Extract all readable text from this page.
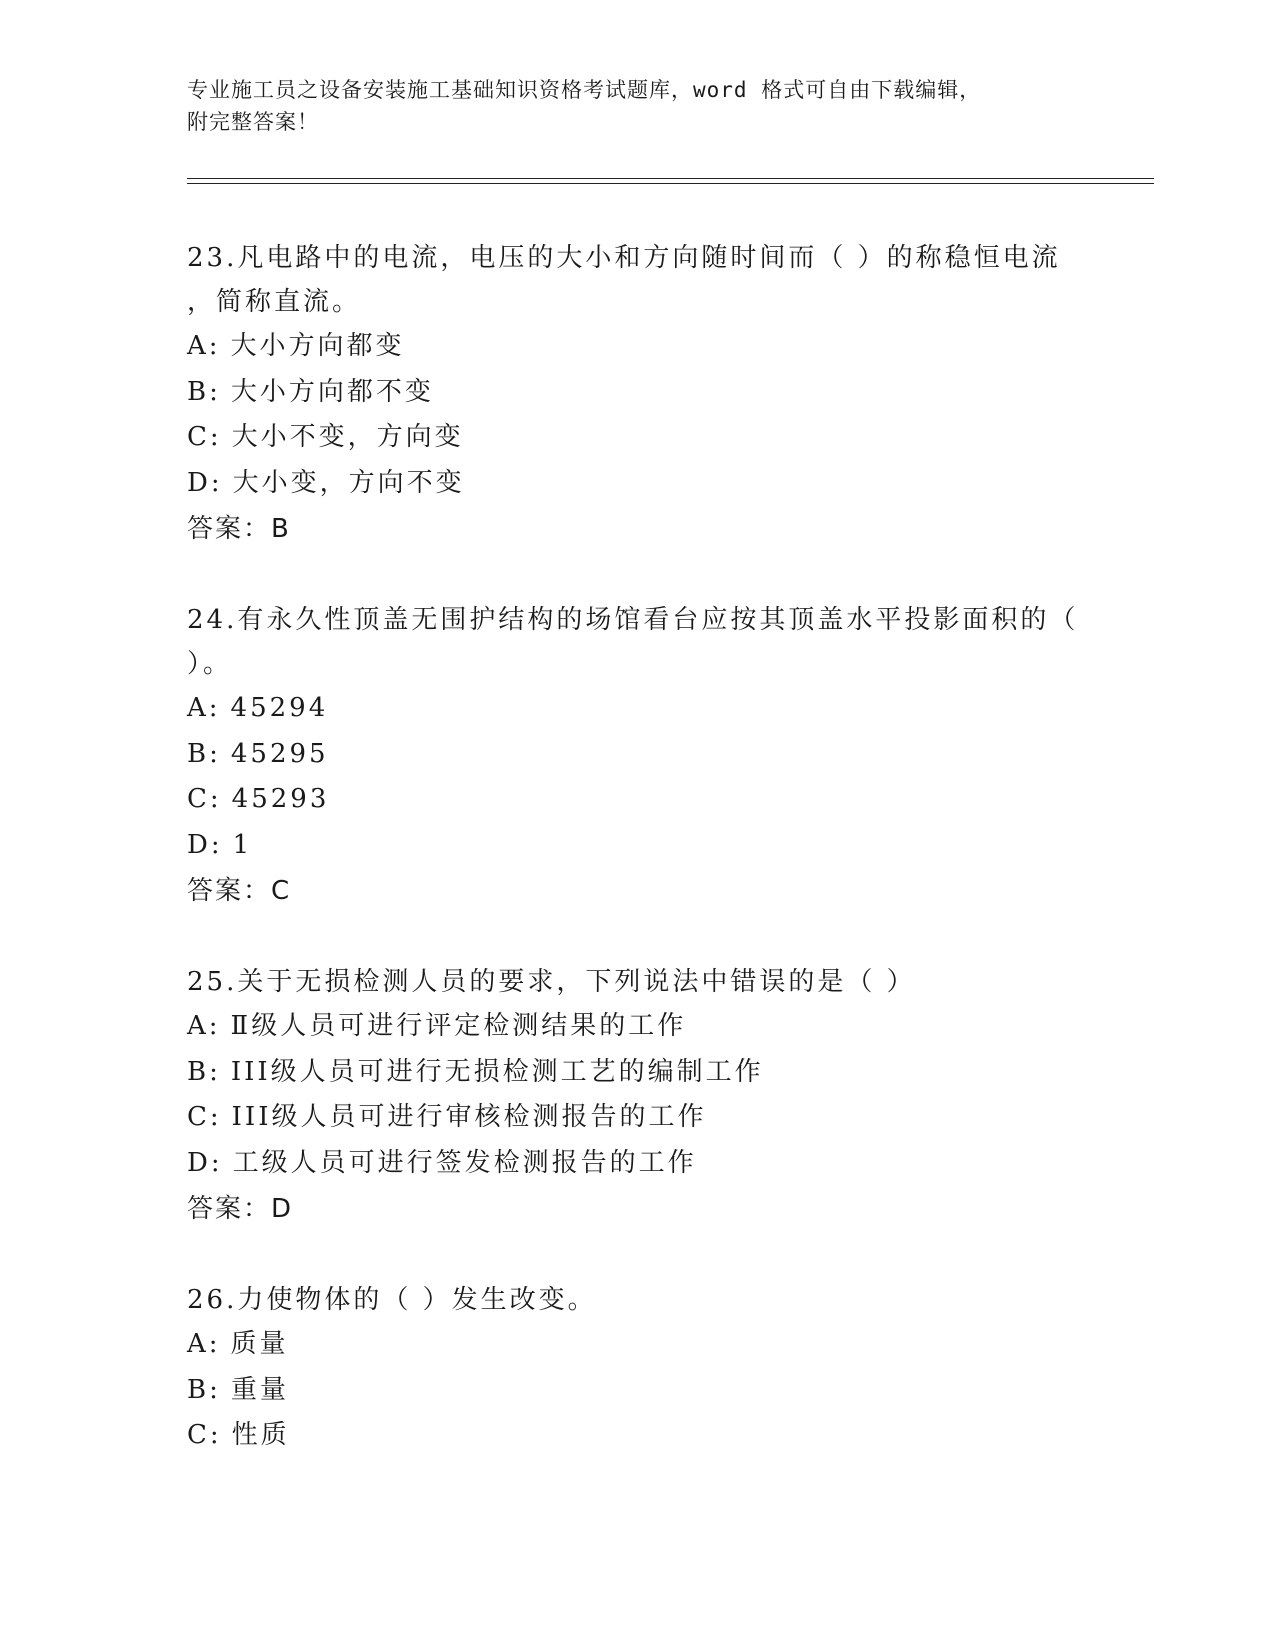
专业施工员之设备安装施工基础知识资格考试题库，word 格式可自由下载编辑，
附完整答案！
23.凡电路中的电流，电压的大小和方向随时间而（ ）的称稳恒电流
，简称直流。
A: 大小方向都变
B: 大小方向都不变
C: 大小不变，方向变
D: 大小变，方向不变
答案：B
24.有永久性顶盖无围护结构的场馆看台应按其顶盖水平投影面积的（
）。
A: 45294
B: 45295
C: 45293
D: 1
答案：C
25.关于无损检测人员的要求，下列说法中错误的是（ ）
A: Ⅱ级人员可进行评定检测结果的工作
B: III级人员可进行无损检测工艺的编制工作
C: III级人员可进行审核检测报告的工作
D: 工级人员可进行签发检测报告的工作
答案：D
26.力使物体的（ ）发生改变。
A: 质量
B: 重量
C: 性质
